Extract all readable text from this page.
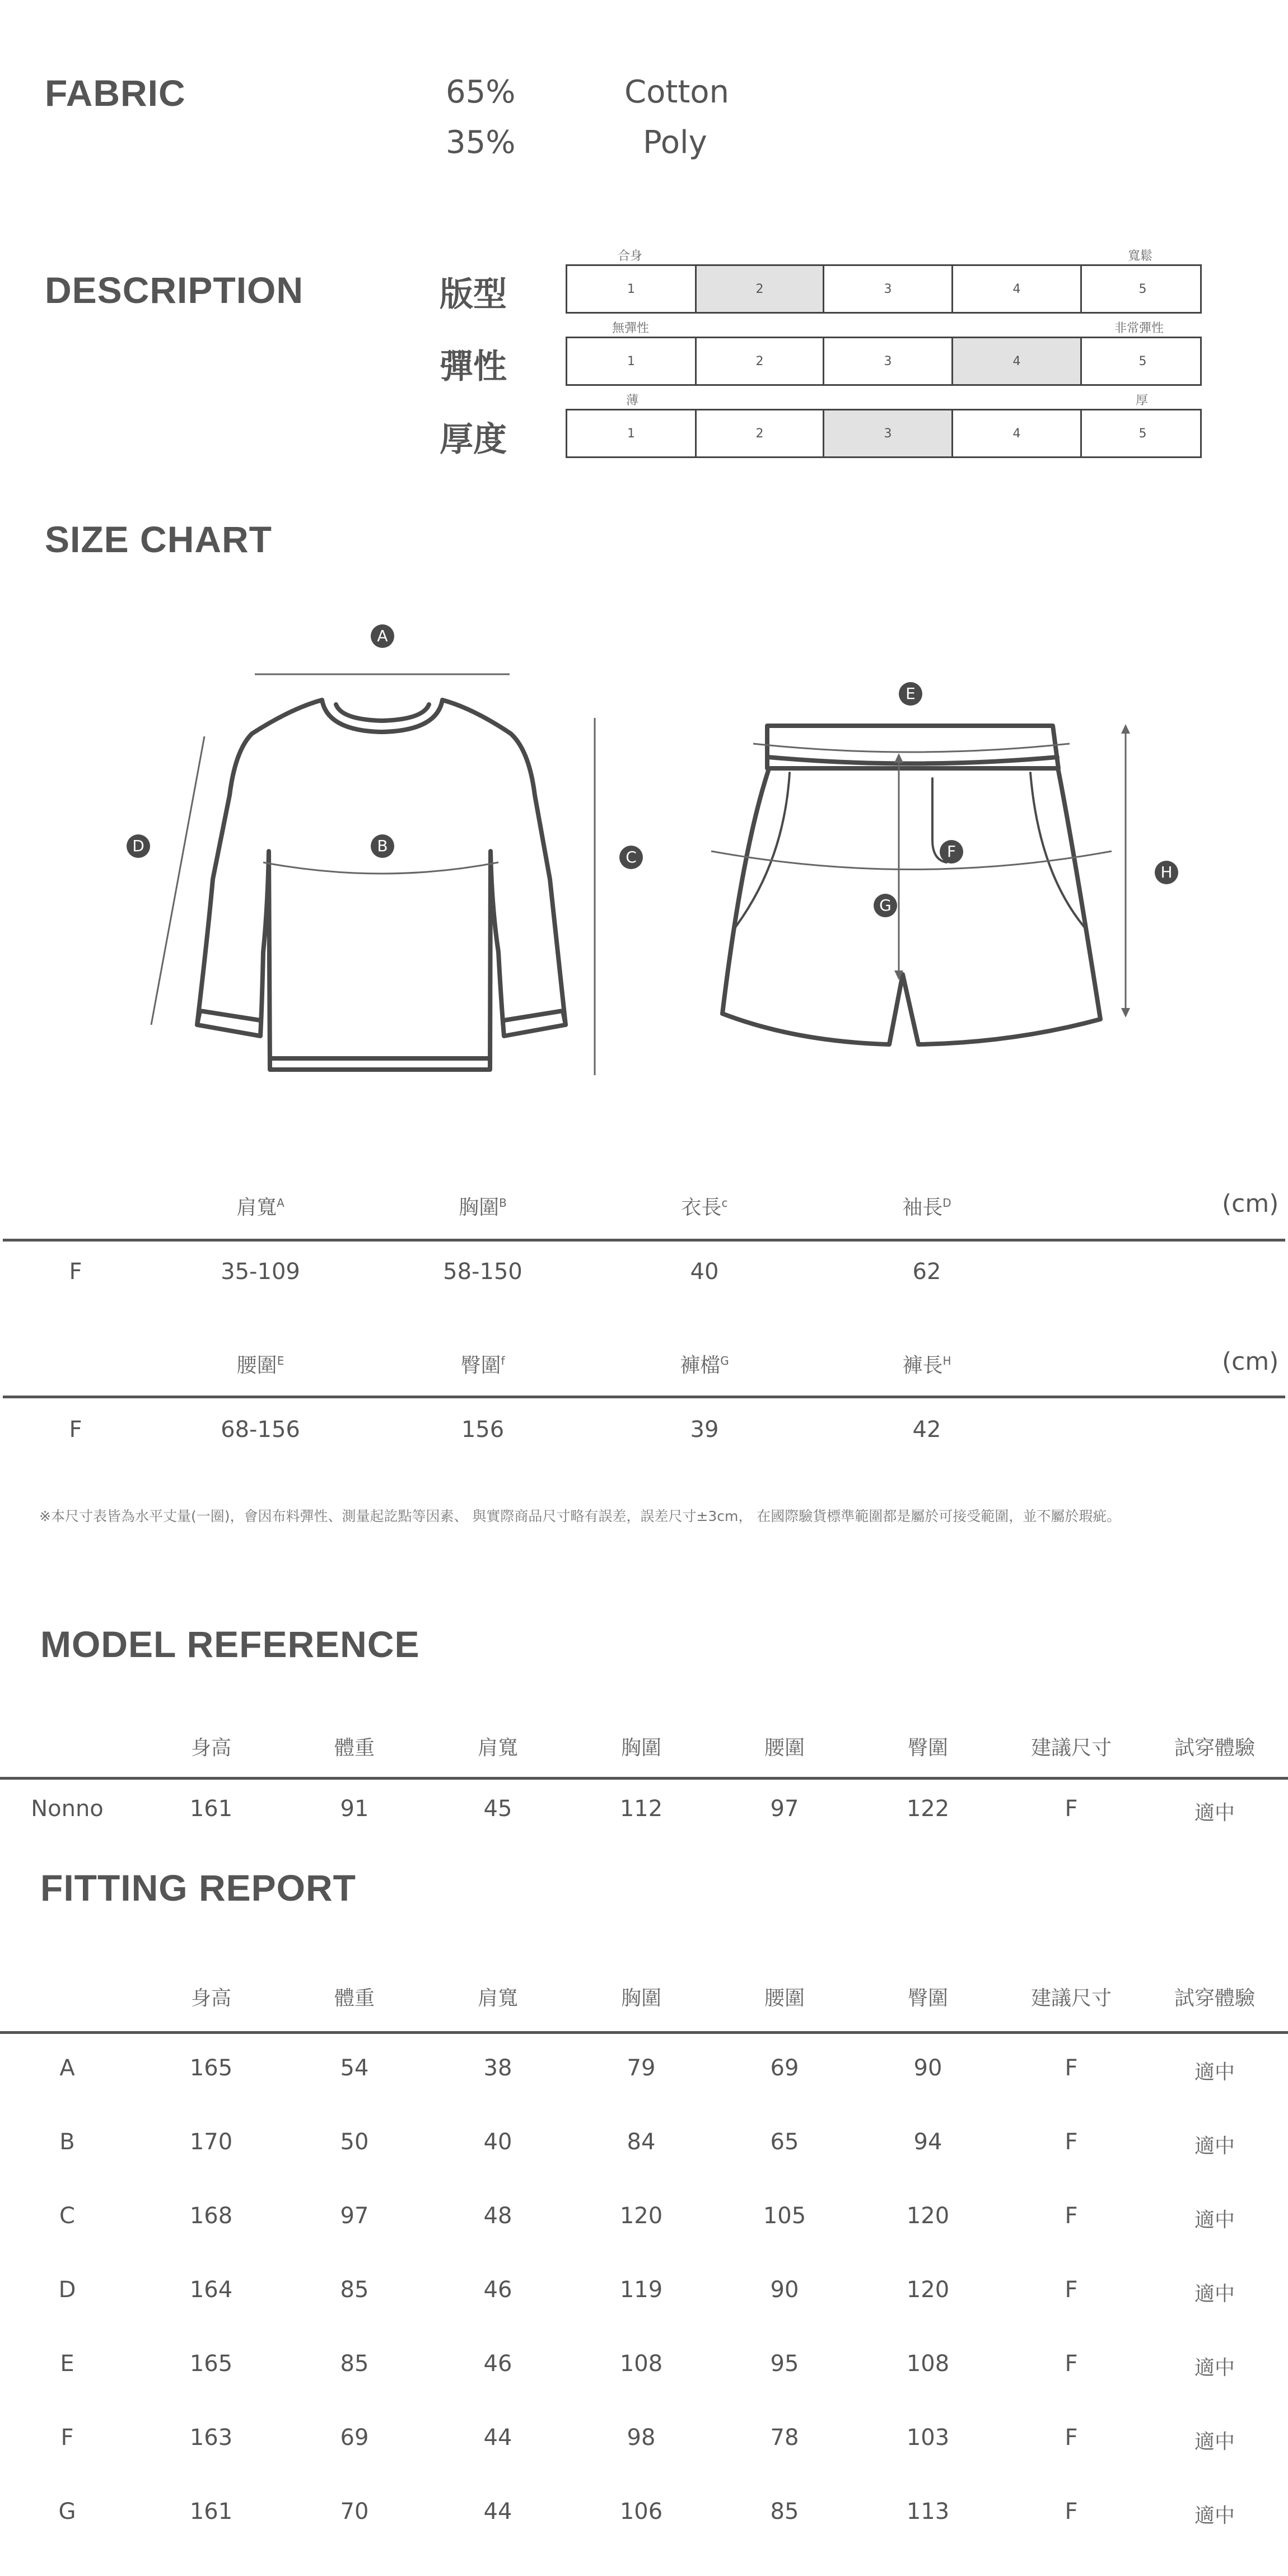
FABRIC	65%	Cotton
35%	Poly
DESCRIPTION	版型
合身	寬鬆
1	2	3	4	5
彈性
無彈性	非常彈性
1	2	3	4	5
厚度
薄	厚
1	2	3	4	5
SIZE CHART
A
B
C
D
E
F
G
H
肩寬$^A$	胸圍$^B$	衣長$^c$	袖長$^D$	(cm)
F	35-109	58-150	40	62
腰圍$^E$	臀圍$^f$	褲檔$^G$	褲長$^H$	(cm)
F	68-156	156	39	42
※本尺寸表皆為水平丈量(一圈)，會因布料彈性、測量起訖點等因素、 與實際商品尺寸略有誤差，誤差尺寸±3cm， 在國際驗貨標準範圍都是屬於可接受範圍，並不屬於瑕疵。
MODEL REFERENCE
身高	體重	肩寬	胸圍	腰圍	臀圍	建議尺寸	試穿體驗
Nonno	161	91	45	112	97	122	F	適中
FITTING REPORT
身高	體重	肩寬	胸圍	腰圍	臀圍	建議尺寸	試穿體驗
A	165	54	38	79	69	90	F	適中
B	170	50	40	84	65	94	F	適中
C	168	97	48	120	105	120	F	適中
D	164	85	46	119	90	120	F	適中
E	165	85	46	108	95	108	F	適中
F	163	69	44	98	78	103	F	適中
G	161	70	44	106	85	113	F	適中
